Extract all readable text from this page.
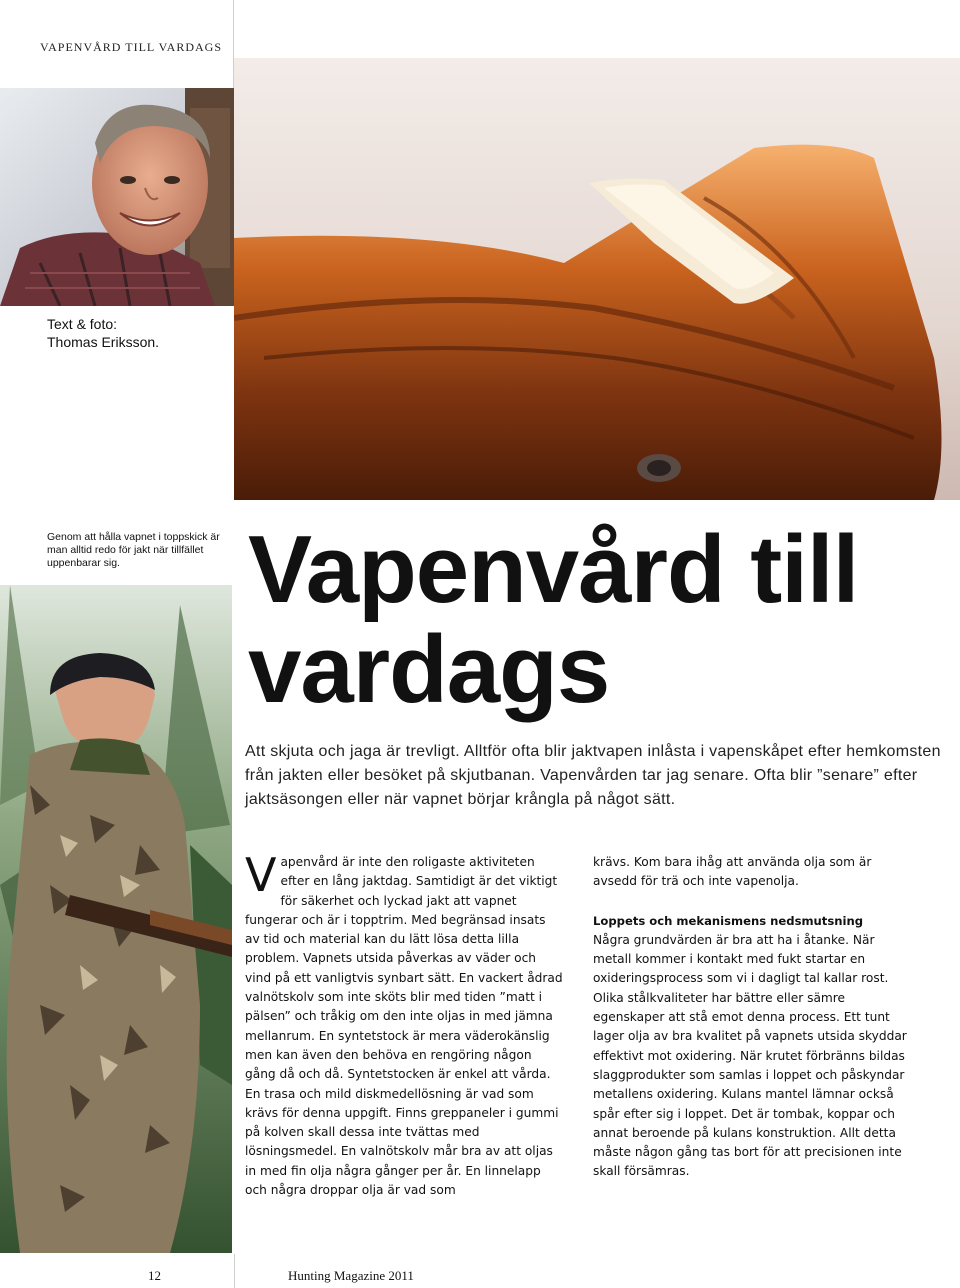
VAPENVÅRD TILL VARDAGS
Text & foto:
Thomas Eriksson.
Genom att hålla vapnet i toppskick är man alltid redo för jakt när tillfället uppenbarar sig.	Vapenvård till
vardags
Att skjuta och jaga är trevligt. Alltför ofta blir jaktvapen inlåsta i vapenskåpet efter hemkomsten från jakten eller besöket på skjutbanan. Vapenvården tar jag senare. Ofta blir ”senare” efter jaktsäsongen eller när vapnet börjar krångla på något sätt.
V apenvård är inte den roligaste aktiviteten efter en lång jaktdag. Samtidigt är det viktigt för säkerhet och lyckad jakt att vapnet fungerar och är i topptrim. Med begränsad insats av tid och material kan du lätt lösa detta lilla problem. Vapnets utsida påverkas av väder och vind på ett vanligtvis synbart sätt. En vackert ådrad valnötskolv som inte sköts blir med tiden ”matt i pälsen” och tråkig om den inte oljas in med jämna mellanrum. En syntetstock är mera väderokänslig men kan även den behöva en rengöring någon gång då och då. Syntetstocken är enkel att vårda. En trasa och mild diskmedellösning är vad som krävs för denna uppgift. Finns greppaneler i gummi på kolven skall dessa inte tvättas med lösningsmedel. En valnötskolv mår bra av att oljas in med fin olja några gånger per år. En linnelapp och några droppar olja är vad som

krävs. Kom bara ihåg att använda olja som är avsedd för trä och inte vapenolja.

Loppets och mekanismens nedsmutsning

Några grundvärden är bra att ha i åtanke. När metall kommer i kontakt med fukt startar en oxideringsprocess som vi i dagligt tal kallar rost. Olika stålkvaliteter har bättre eller sämre egenskaper att stå emot denna process. Ett tunt lager olja av bra kvalitet på vapnets utsida skyddar effektivt mot oxidering. När krutet förbränns bildas slaggprodukter som samlas i loppet och påskyndar metallens oxidering. Kulans mantel lämnar också spår efter sig i loppet. Det är tombak, koppar och annat beroende på kulans konstruktion. Allt detta måste någon gång tas bort för att precisionen inte skall försämras.

12	Hunting Magazine 2011
